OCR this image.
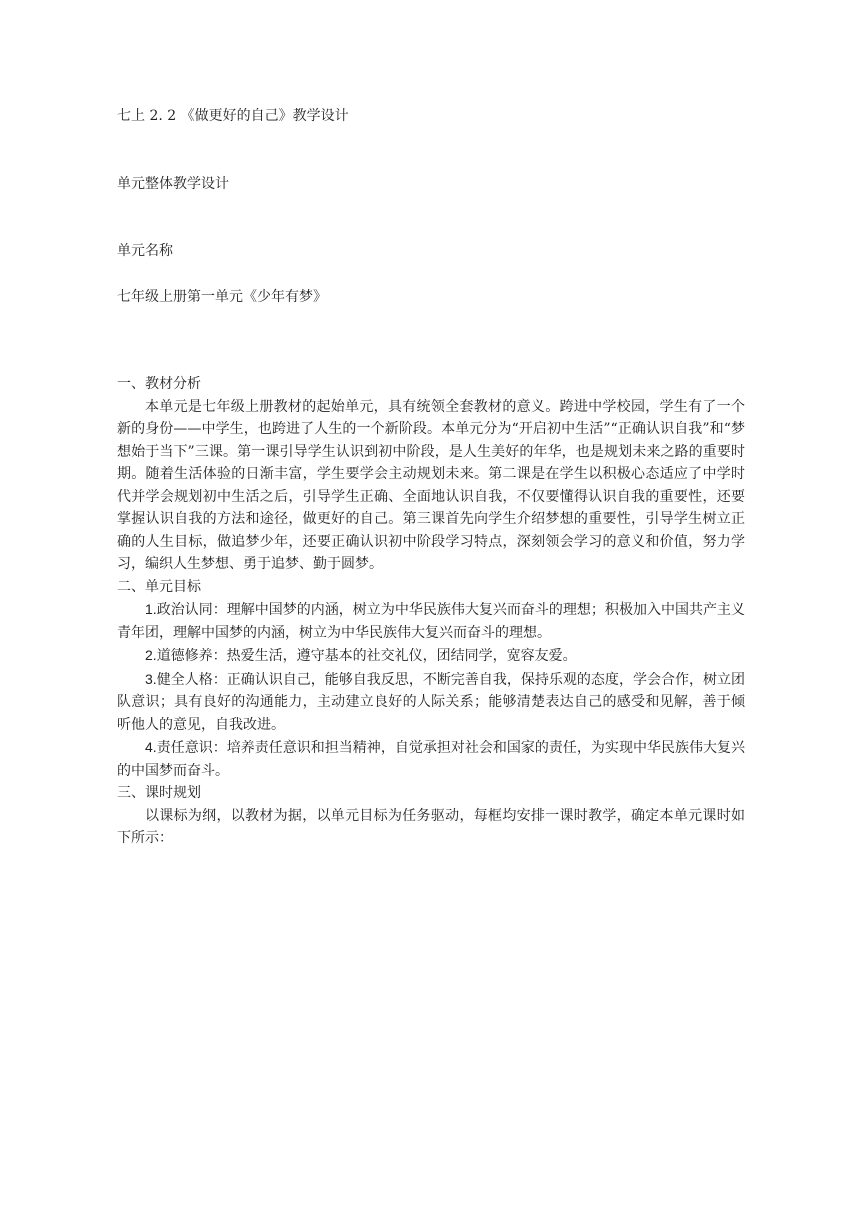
七上 2. 2 《做更好的自己》教学设计
单元整体教学设计
单元名称
七年级上册第一单元《少年有梦》

一、教材分析

本单元是七年级上册教材的起始单元，具有统领全套教材的意义。跨进中学校园，学生有了一个新的身份——中学生，也跨进了人生的一个新阶段。本单元分为“开启初中生活”“正确认识自我”和“梦想始于当下”三课。第一课引导学生认识到初中阶段，是人生美好的年华，也是规划未来之路的重要时期。随着生活体验的日渐丰富，学生要学会主动规划未来。第二课是在学生以积极心态适应了中学时代并学会规划初中生活之后，引导学生正确、全面地认识自我，不仅要懂得认识自我的重要性，还要掌握认识自我的方法和途径，做更好的自己。第三课首先向学生介绍梦想的重要性，引导学生树立正确的人生目标，做追梦少年，还要正确认识初中阶段学习特点，深刻领会学习的意义和价值，努力学习，编织人生梦想、勇于追梦、勤于圆梦。

二、单元目标

1.政治认同：理解中国梦的内涵，树立为中华民族伟大复兴而奋斗的理想；积极加入中国共产主义青年团，理解中国梦的内涵，树立为中华民族伟大复兴而奋斗的理想。

2.道德修养：热爱生活，遵守基本的社交礼仪，团结同学，宽容友爱。

3.健全人格：正确认识自己，能够自我反思，不断完善自我，保持乐观的态度，学会合作，树立团队意识；具有良好的沟通能力，主动建立良好的人际关系；能够清楚表达自己的感受和见解，善于倾听他人的意见，自我改进。

4.责任意识：培养责任意识和担当精神，自觉承担对社会和国家的责任，为实现中华民族伟大复兴的中国梦而奋斗。

三、课时规划

以课标为纲，以教材为据，以单元目标为任务驱动，每框均安排一课时教学，确定本单元课时如下所示：
